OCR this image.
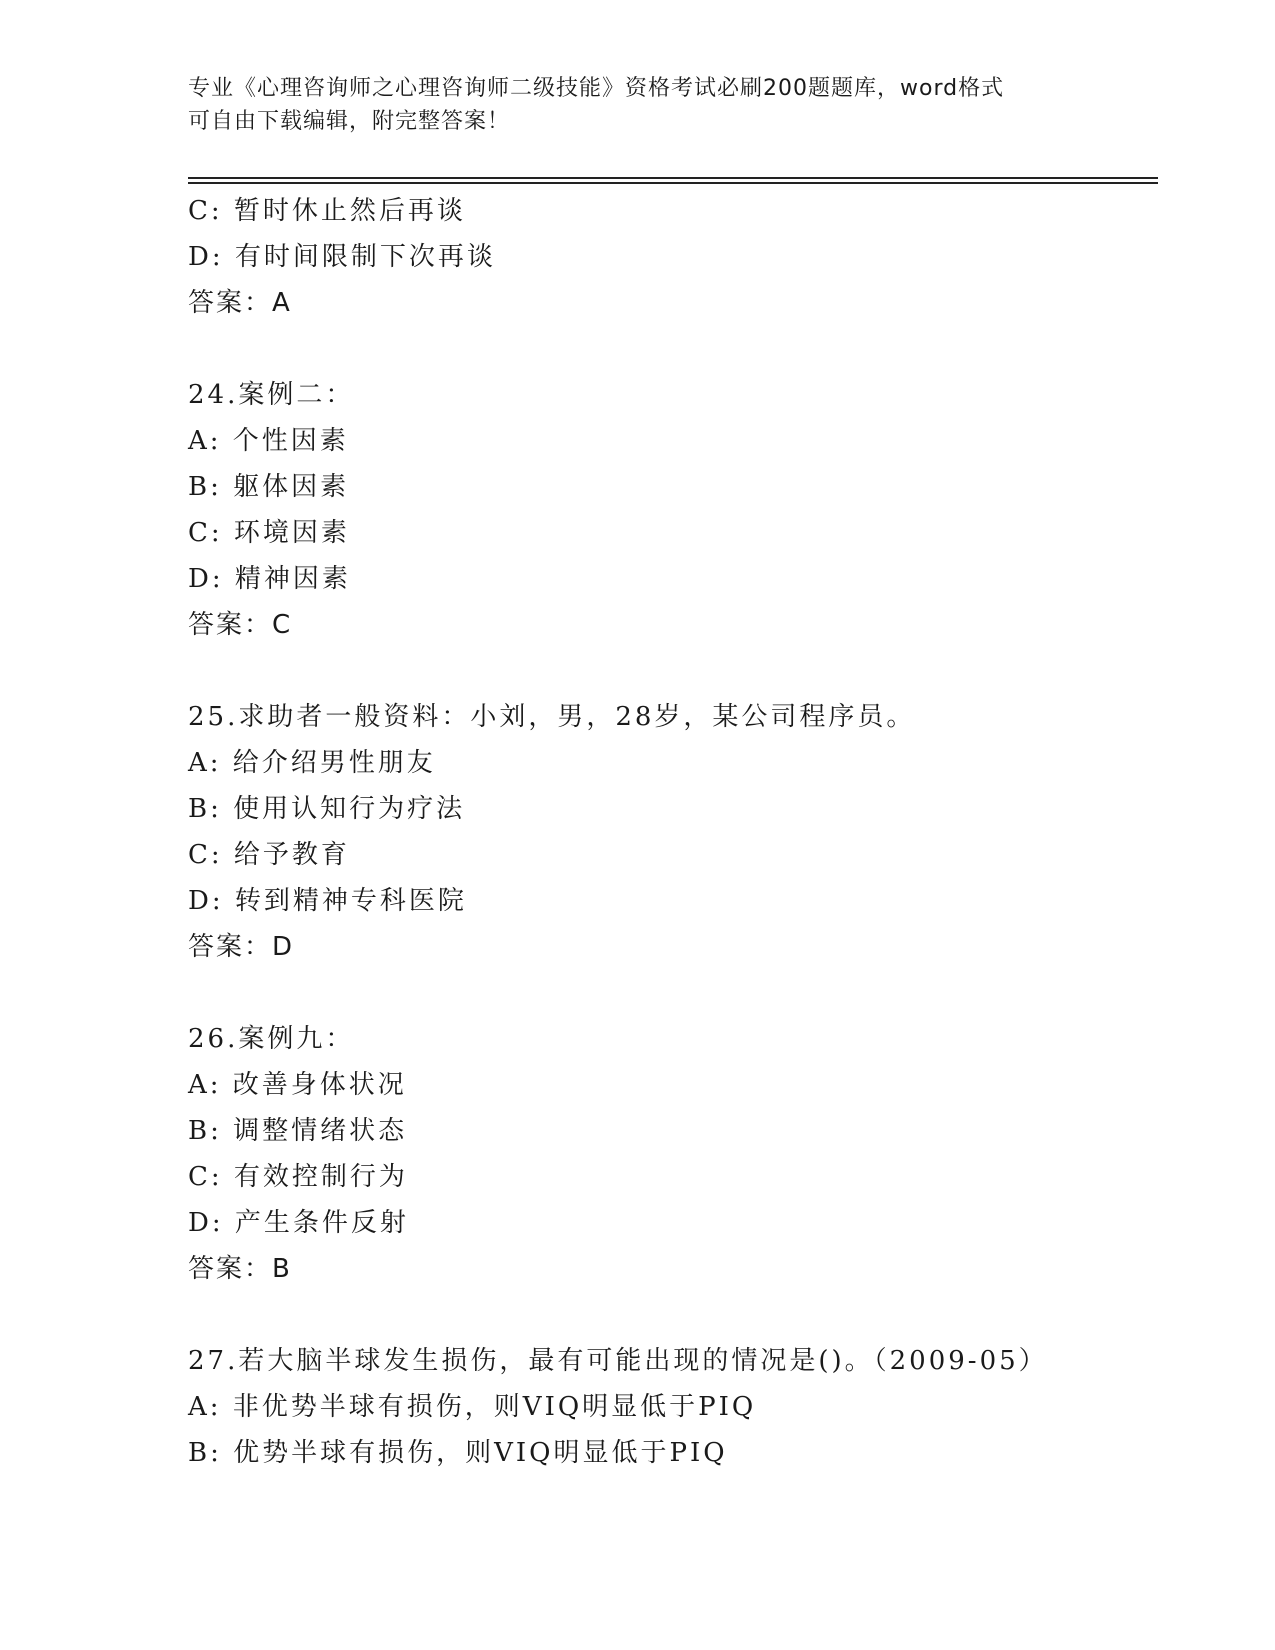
专业《心理咨询师之心理咨询师二级技能》资格考试必刷200题题库，word格式
可自由下载编辑，附完整答案！
C: 暂时休止然后再谈
D: 有时间限制下次再谈
答案：A
24.案例二：
A: 个性因素
B: 躯体因素
C: 环境因素
D: 精神因素
答案：C
25.求助者一般资料：小刘，男，28岁，某公司程序员。
A: 给介绍男性朋友
B: 使用认知行为疗法
C: 给予教育
D: 转到精神专科医院
答案：D
26.案例九：
A: 改善身体状况
B: 调整情绪状态
C: 有效控制行为
D: 产生条件反射
答案：B
27.若大脑半球发生损伤，最有可能出现的情况是()。（2009-05）
A: 非优势半球有损伤，则VIQ明显低于PIQ
B: 优势半球有损伤，则VIQ明显低于PIQ
